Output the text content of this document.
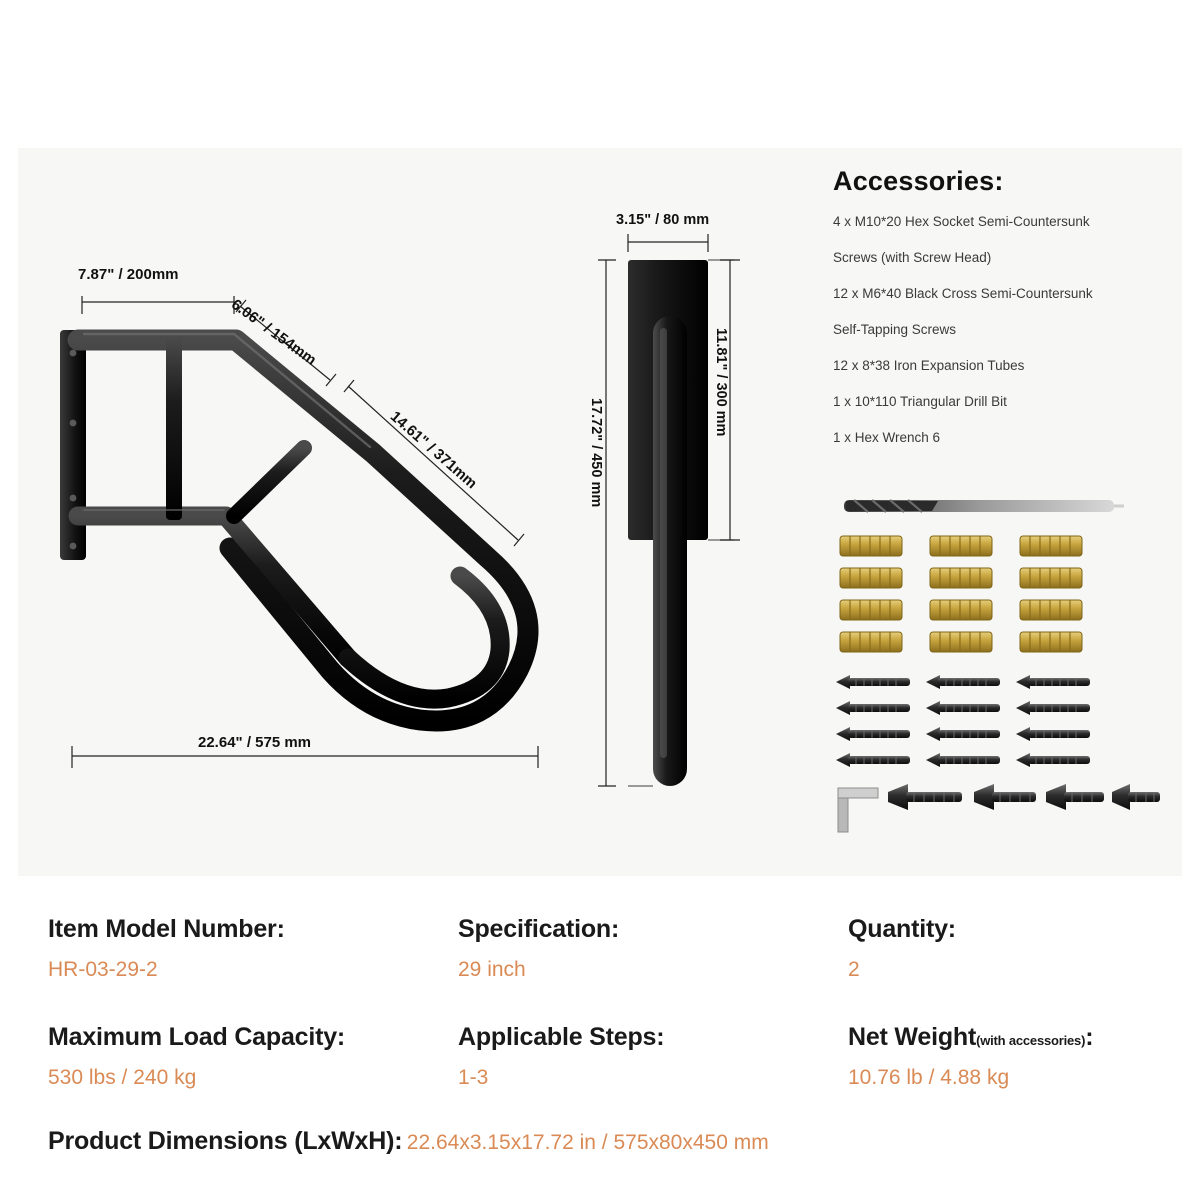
7.87" / 200mm
6.06" / 154mm
14.61" / 371mm
22.64" / 575 mm
3.15" / 80 mm
11.81" / 300 mm
17.72" / 450 mm
Accessories:
4 x M10*20 Hex Socket Semi-Countersunk
Screws (with Screw Head)
12 x M6*40 Black Cross Semi-Countersunk
Self-Tapping Screws
12 x 8*38 Iron Expansion Tubes
1 x 10*110 Triangular Drill Bit
1 x Hex Wrench 6
Item Model Number:
HR-03-29-2
Specification:
29 inch
Quantity:
2
Maximum Load Capacity:
530 lbs / 240 kg
Applicable Steps:
1-3
Net Weight(with accessories):
10.76 lb / 4.88 kg
Product Dimensions (LxWxH): 22.64x3.15x17.72 in / 575x80x450 mm
